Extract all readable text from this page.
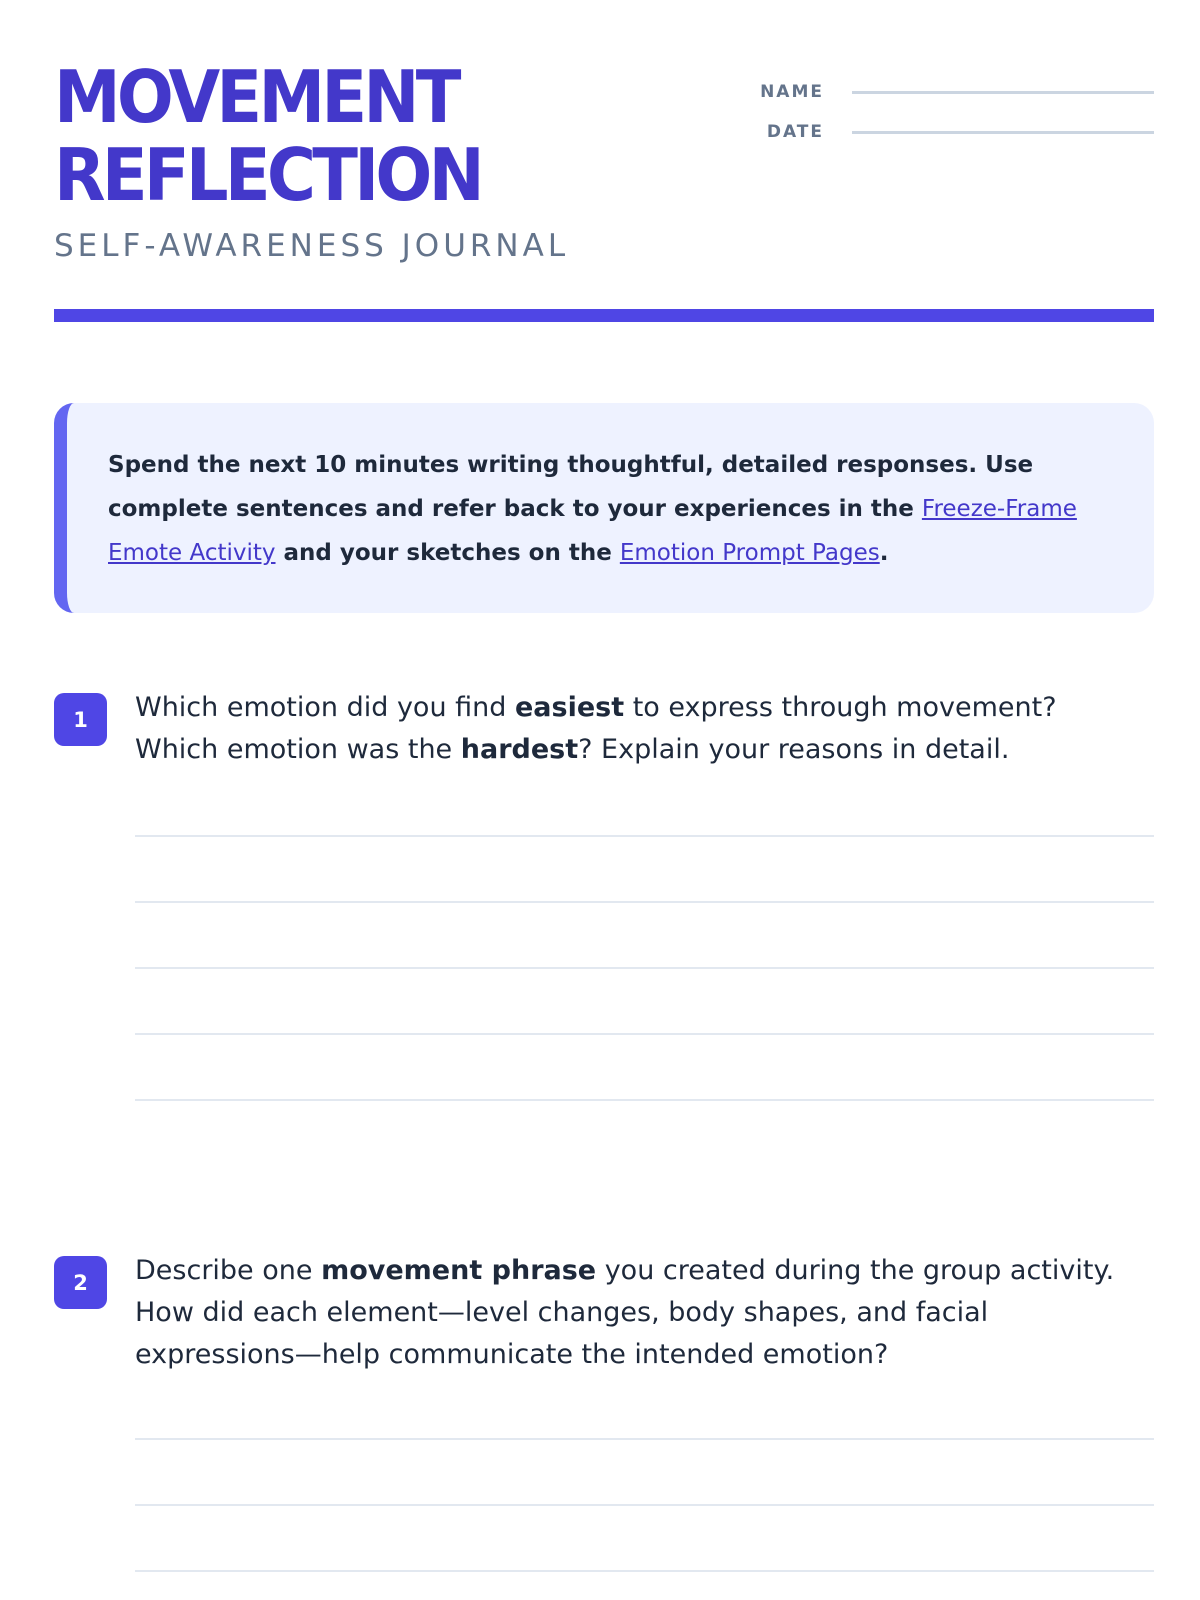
MOVEMENT
REFLECTION
SELF-AWARENESS JOURNAL
NAME
DATE
Spend the next 10 minutes writing thoughtful, detailed responses. Use complete sentences and refer back to your experiences in the Freeze-Frame Emote Activity and your sketches on the Emotion Prompt Pages.
1	Which emotion did you find easiest to express through movement? Which emotion was the hardest? Explain your reasons in detail.

2	Describe one movement phrase you created during the group activity. How did each element—level changes, body shapes, and facial expressions—help communicate the intended emotion?
